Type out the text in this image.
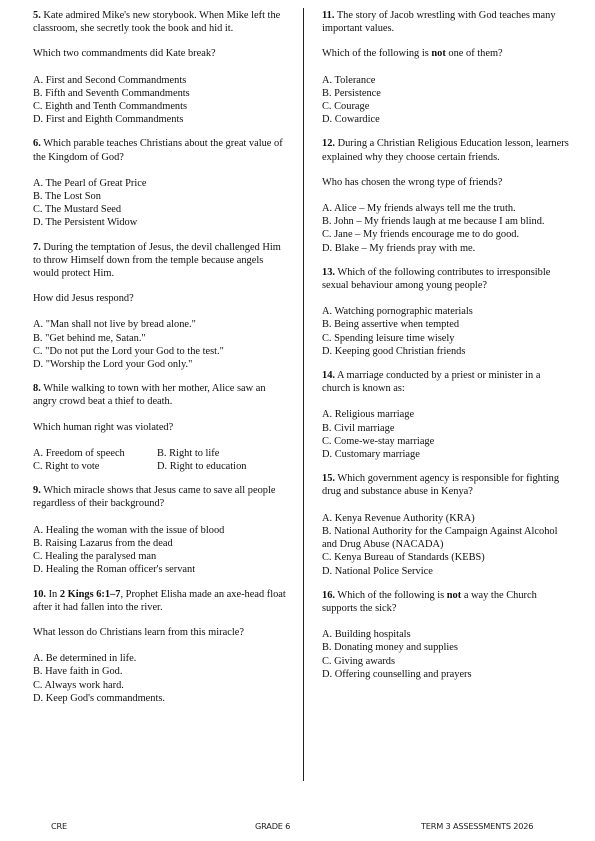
5. Kate admired Mike's new storybook. When Mike left the classroom, she secretly took the book and hid it.

Which two commandments did Kate break?

A. First and Second Commandments
B. Fifth and Seventh Commandments
C. Eighth and Tenth Commandments
D. First and Eighth Commandments

6. Which parable teaches Christians about the great value of the Kingdom of God?

A. The Pearl of Great Price
B. The Lost Son
C. The Mustard Seed
D. The Persistent Widow

7. During the temptation of Jesus, the devil challenged Him to throw Himself down from the temple because angels would protect Him.

How did Jesus respond?

A. "Man shall not live by bread alone."
B. "Get behind me, Satan."
C. "Do not put the Lord your God to the test."
D. "Worship the Lord your God only."

8. While walking to town with her mother, Alice saw an angry crowd beat a thief to death.

Which human right was violated?

A. Freedom of speech	B. Right to life
C. Right to vote	D. Right to education

9. Which miracle shows that Jesus came to save all people regardless of their background?

A. Healing the woman with the issue of blood
B. Raising Lazarus from the dead
C. Healing the paralysed man
D. Healing the Roman officer's servant

10. In 2 Kings 6:1–7, Prophet Elisha made an axe-head float after it had fallen into the river.

What lesson do Christians learn from this miracle?

A. Be determined in life.
B. Have faith in God.
C. Always work hard.
D. Keep God's commandments.

11. The story of Jacob wrestling with God teaches many important values.

Which of the following is not one of them?

A. Tolerance
B. Persistence
C. Courage
D. Cowardice

12. During a Christian Religious Education lesson, learners explained why they choose certain friends.

Who has chosen the wrong type of friends?

A. Alice – My friends always tell me the truth.
B. John – My friends laugh at me because I am blind.
C. Jane – My friends encourage me to do good.
D. Blake – My friends pray with me.

13. Which of the following contributes to irresponsible sexual behaviour among young people?

A. Watching pornographic materials
B. Being assertive when tempted
C. Spending leisure time wisely
D. Keeping good Christian friends

14. A marriage conducted by a priest or minister in a church is known as:

A. Religious marriage
B. Civil marriage
C. Come-we-stay marriage
D. Customary marriage

15. Which government agency is responsible for fighting drug and substance abuse in Kenya?

A. Kenya Revenue Authority (KRA)
B. National Authority for the Campaign Against Alcohol and Drug Abuse (NACADA)
C. Kenya Bureau of Standards (KEBS)
D. National Police Service

16. Which of the following is not a way the Church supports the sick?

A. Building hospitals
B. Donating money and supplies
C. Giving awards
D. Offering counselling and prayers
CRE	GRADE 6	TERM 3 ASSESSMENTS 2026
